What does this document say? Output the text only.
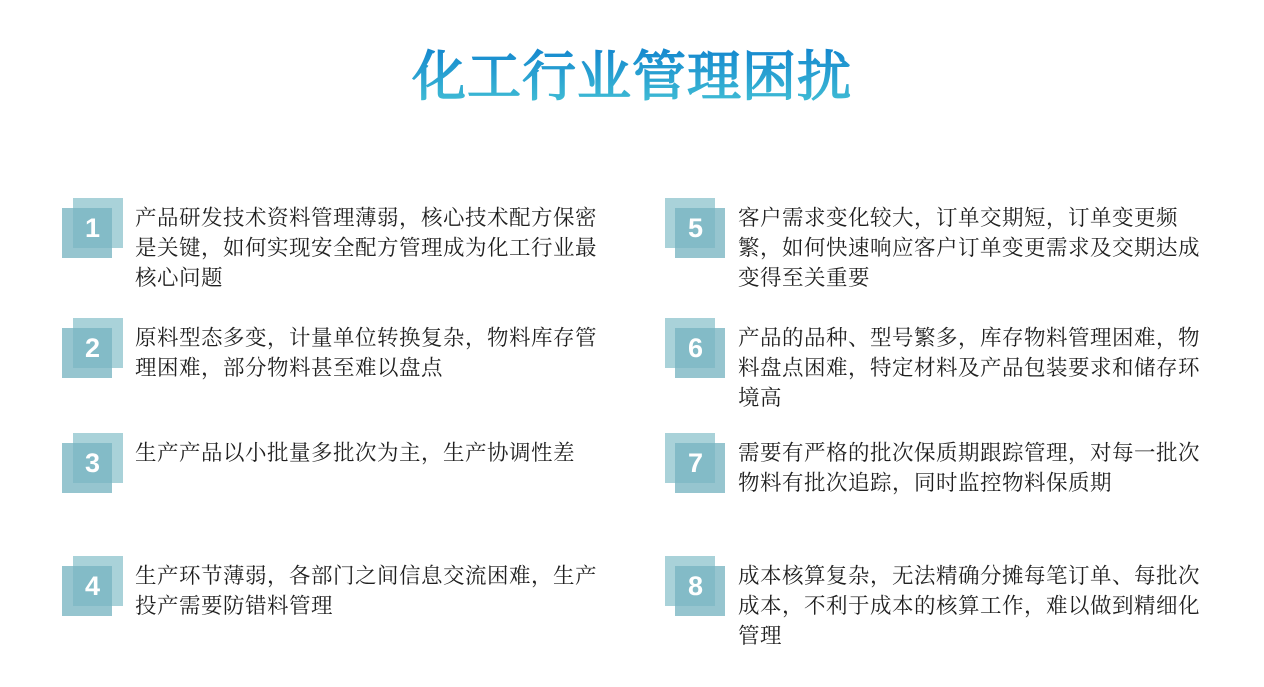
化工行业管理困扰
1	产品研发技术资料管理薄弱，核心技术配方保密是关键，如何实现安全配方管理成为化工行业最核心问题
2	原料型态多变，计量单位转换复杂，物料库存管理困难，部分物料甚至难以盘点
3	生产产品以小批量多批次为主，生产协调性差
4	生产环节薄弱，各部门之间信息交流困难，生产投产需要防错料管理
5	客户需求变化较大，订单交期短，订单变更频繁，如何快速响应客户订单变更需求及交期达成变得至关重要
6	产品的品种、型号繁多，库存物料管理困难，物料盘点困难，特定材料及产品包装要求和储存环境高
7	需要有严格的批次保质期跟踪管理，对每一批次物料有批次追踪，同时监控物料保质期
8	成本核算复杂，无法精确分摊每笔订单、每批次成本，不利于成本的核算工作，难以做到精细化管理
